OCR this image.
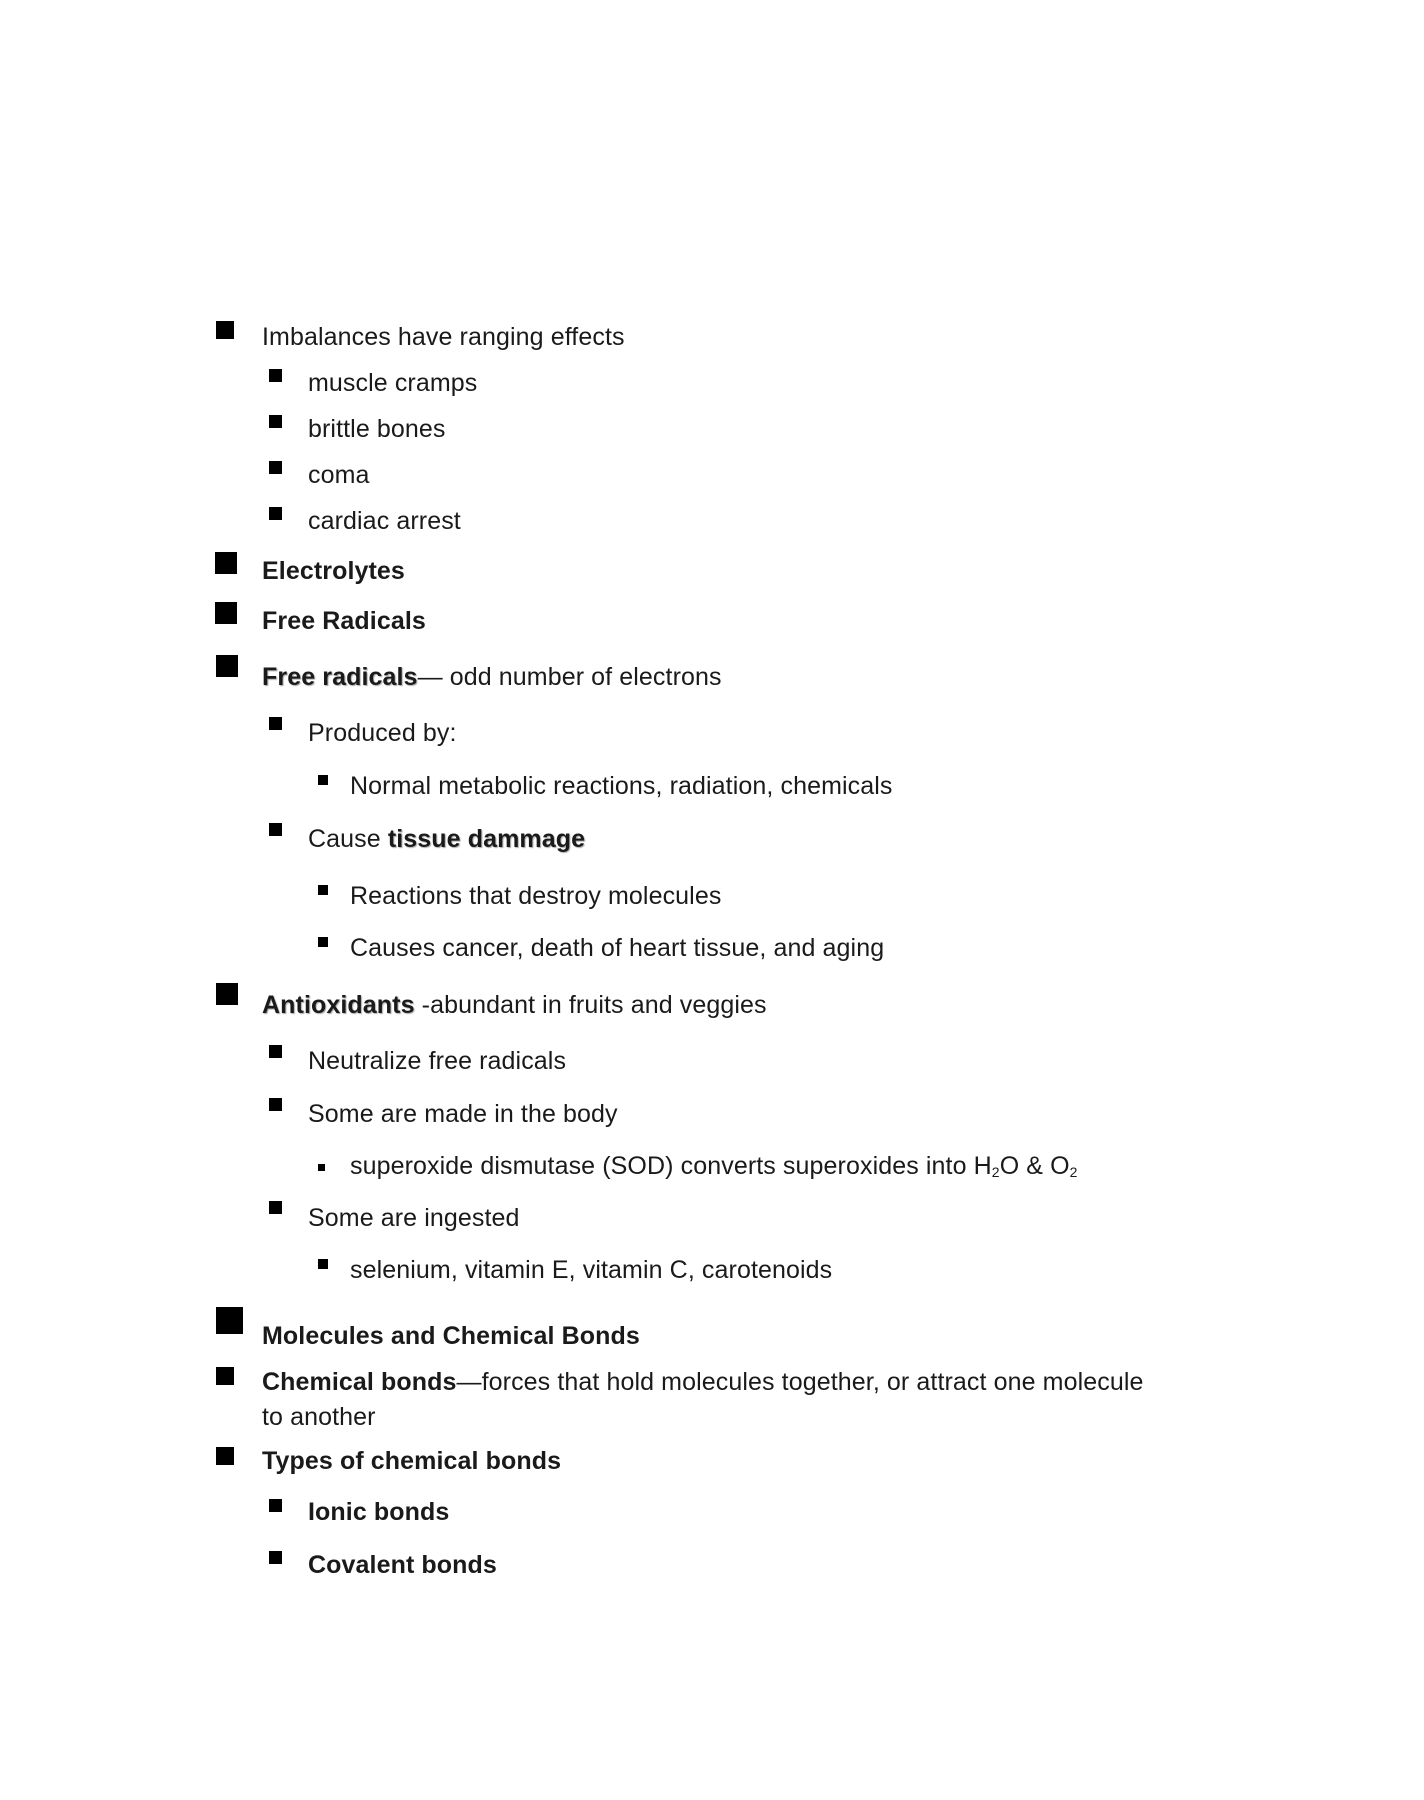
Imbalances have ranging effects
muscle cramps
brittle bones
coma
cardiac arrest
Electrolytes
Free Radicals
Free radicals— odd number of electrons
Produced by:
Normal metabolic reactions, radiation, chemicals
Cause tissue dammage
Reactions that destroy molecules
Causes cancer, death of heart tissue, and aging
Antioxidants -abundant in fruits and veggies
Neutralize free radicals
Some are made in the body
superoxide dismutase (SOD) converts superoxides into $H_2O$ & $O_2$
Some are ingested
selenium, vitamin E, vitamin C, carotenoids
Molecules and Chemical Bonds
Chemical bonds—forces that hold molecules together, or attract one molecule to another
Types of chemical bonds
Ionic bonds
Covalent bonds
